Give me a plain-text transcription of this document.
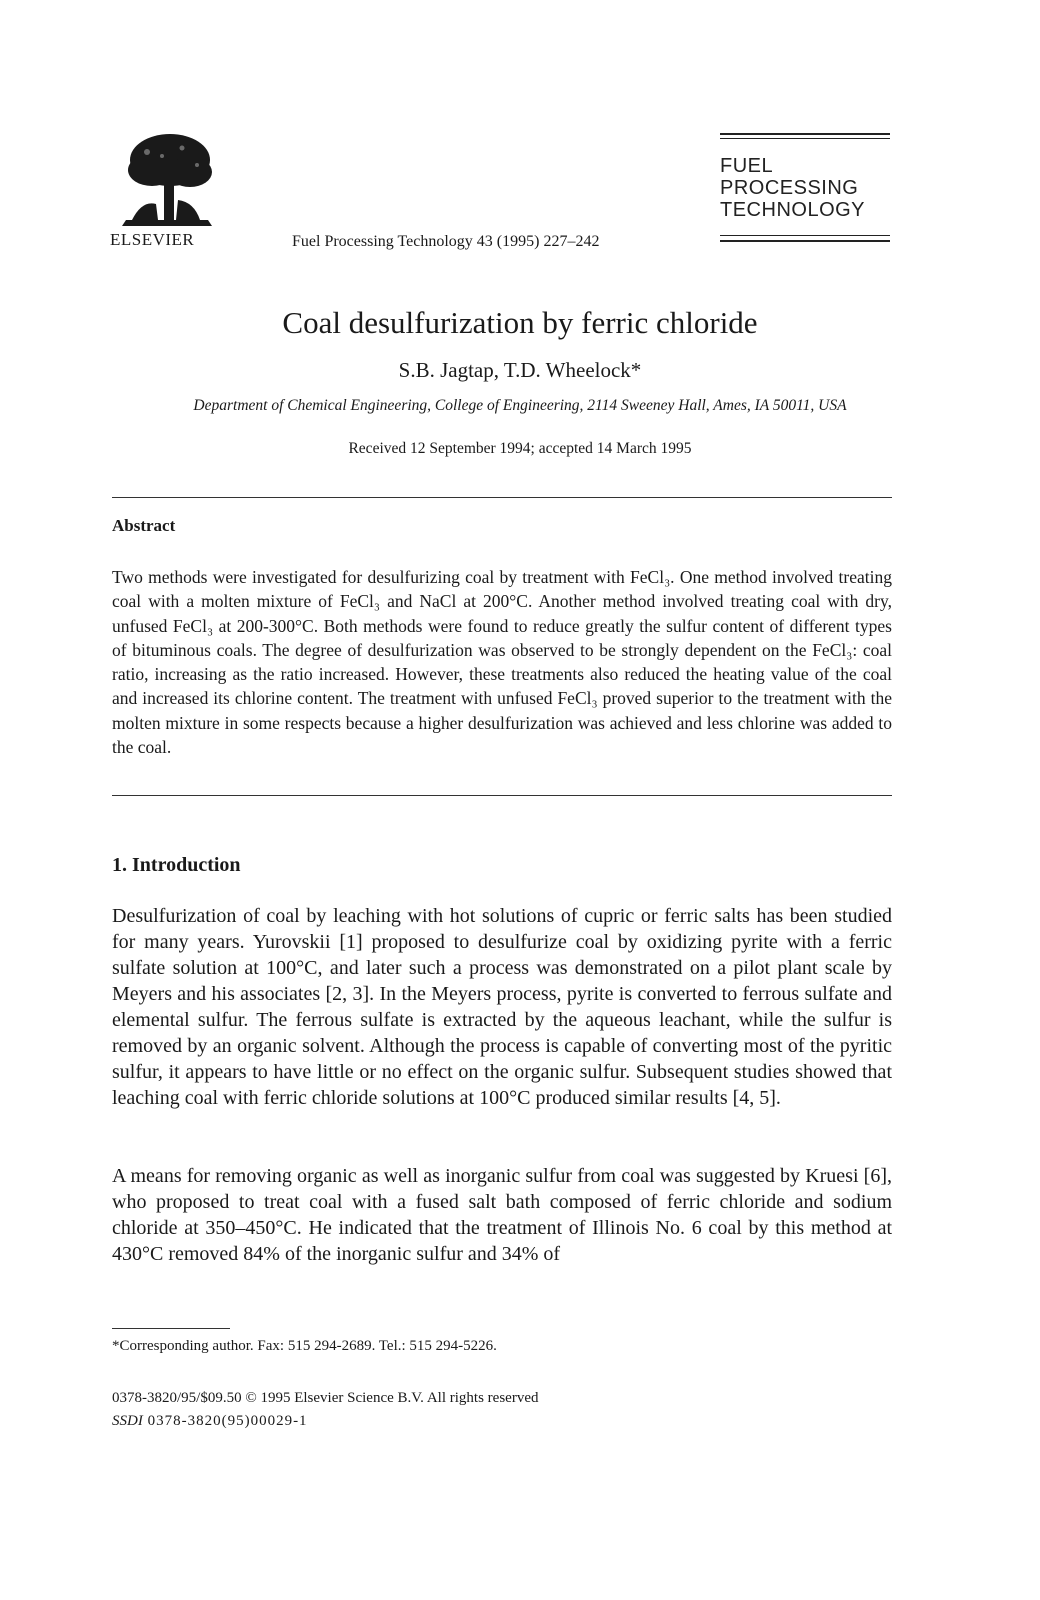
ELSEVIER	Fuel Processing Technology 43 (1995) 227–242
FUEL
PROCESSING
TECHNOLOGY
Coal desulfurization by ferric chloride
S.B. Jagtap, T.D. Wheelock*
Department of Chemical Engineering, College of Engineering, 2114 Sweeney Hall, Ames, IA 50011, USA
Received 12 September 1994; accepted 14 March 1995
Abstract
Two methods were investigated for desulfurizing coal by treatment with FeCl₃. One method involved treating coal with a molten mixture of FeCl₃ and NaCl at 200°C. Another method involved treating coal with dry, unfused FeCl₃ at 200-300°C. Both methods were found to reduce greatly the sulfur content of different types of bituminous coals. The degree of desulfurization was observed to be strongly dependent on the FeCl₃: coal ratio, increasing as the ratio increased. However, these treatments also reduced the heating value of the coal and increased its chlorine content. The treatment with unfused FeCl₃ proved superior to the treatment with the molten mixture in some respects because a higher desulfurization was achieved and less chlorine was added to the coal.
1. Introduction
Desulfurization of coal by leaching with hot solutions of cupric or ferric salts has been studied for many years. Yurovskii [1] proposed to desulfurize coal by oxidizing pyrite with a ferric sulfate solution at 100°C, and later such a process was demonstrated on a pilot plant scale by Meyers and his associates [2, 3]. In the Meyers process, pyrite is converted to ferrous sulfate and elemental sulfur. The ferrous sulfate is extracted by the aqueous leachant, while the sulfur is removed by an organic solvent. Although the process is capable of converting most of the pyritic sulfur, it appears to have little or no effect on the organic sulfur. Subsequent studies showed that leaching coal with ferric chloride solutions at 100°C produced similar results [4, 5].
A means for removing organic as well as inorganic sulfur from coal was suggested by Kruesi [6], who proposed to treat coal with a fused salt bath composed of ferric chloride and sodium chloride at 350–450°C. He indicated that the treatment of Illinois No. 6 coal by this method at 430°C removed 84% of the inorganic sulfur and 34% of
*Corresponding author. Fax: 515 294-2689. Tel.: 515 294-5226.
0378-3820/95/$09.50 © 1995 Elsevier Science B.V. All rights reserved
SSDI 0378-3820(95)00029-1
